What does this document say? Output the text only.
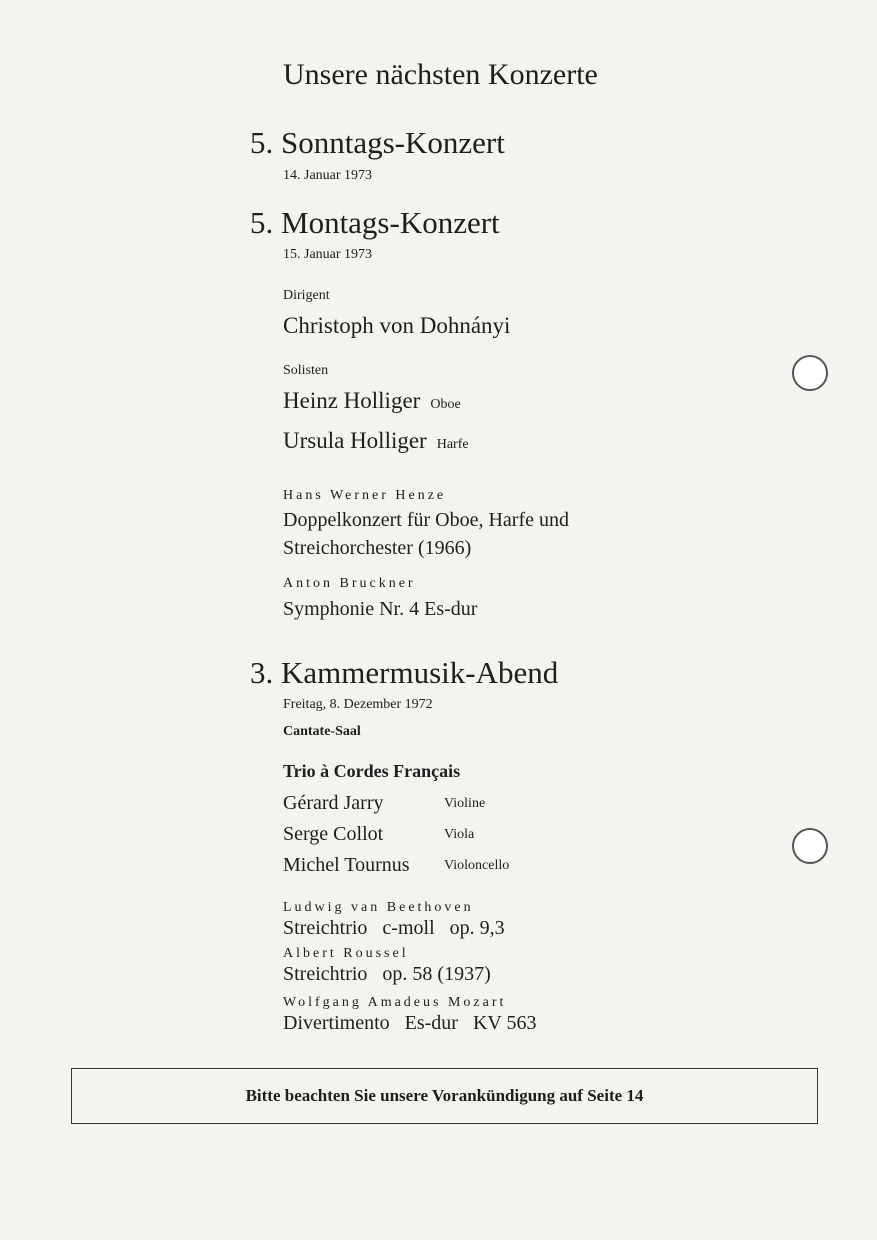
Unsere nächsten Konzerte
5. Sonntags-Konzert
14. Januar 1973
5. Montags-Konzert
15. Januar 1973
Dirigent
Christoph von Dohnányi
Solisten
Heinz Holliger Oboe
Ursula Holliger Harfe
Hans Werner Henze
Doppelkonzert für Oboe, Harfe und
Streichorchester (1966)
Anton Bruckner
Symphonie Nr. 4 Es-dur
3. Kammermusik-Abend
Freitag, 8. Dezember 1972
Cantate-Saal
Trio à Cordes Français
Gérard Jarry	Violine
Serge Collot	Viola
Michel Tournus Violoncello
Ludwig van Beethoven
Streichtrio   c-moll   op. 9,3
Albert Roussel
Streichtrio   op. 58 (1937)
Wolfgang Amadeus Mozart
Divertimento   Es-dur   KV 563
Bitte beachten Sie unsere Vorankündigung auf Seite 14
